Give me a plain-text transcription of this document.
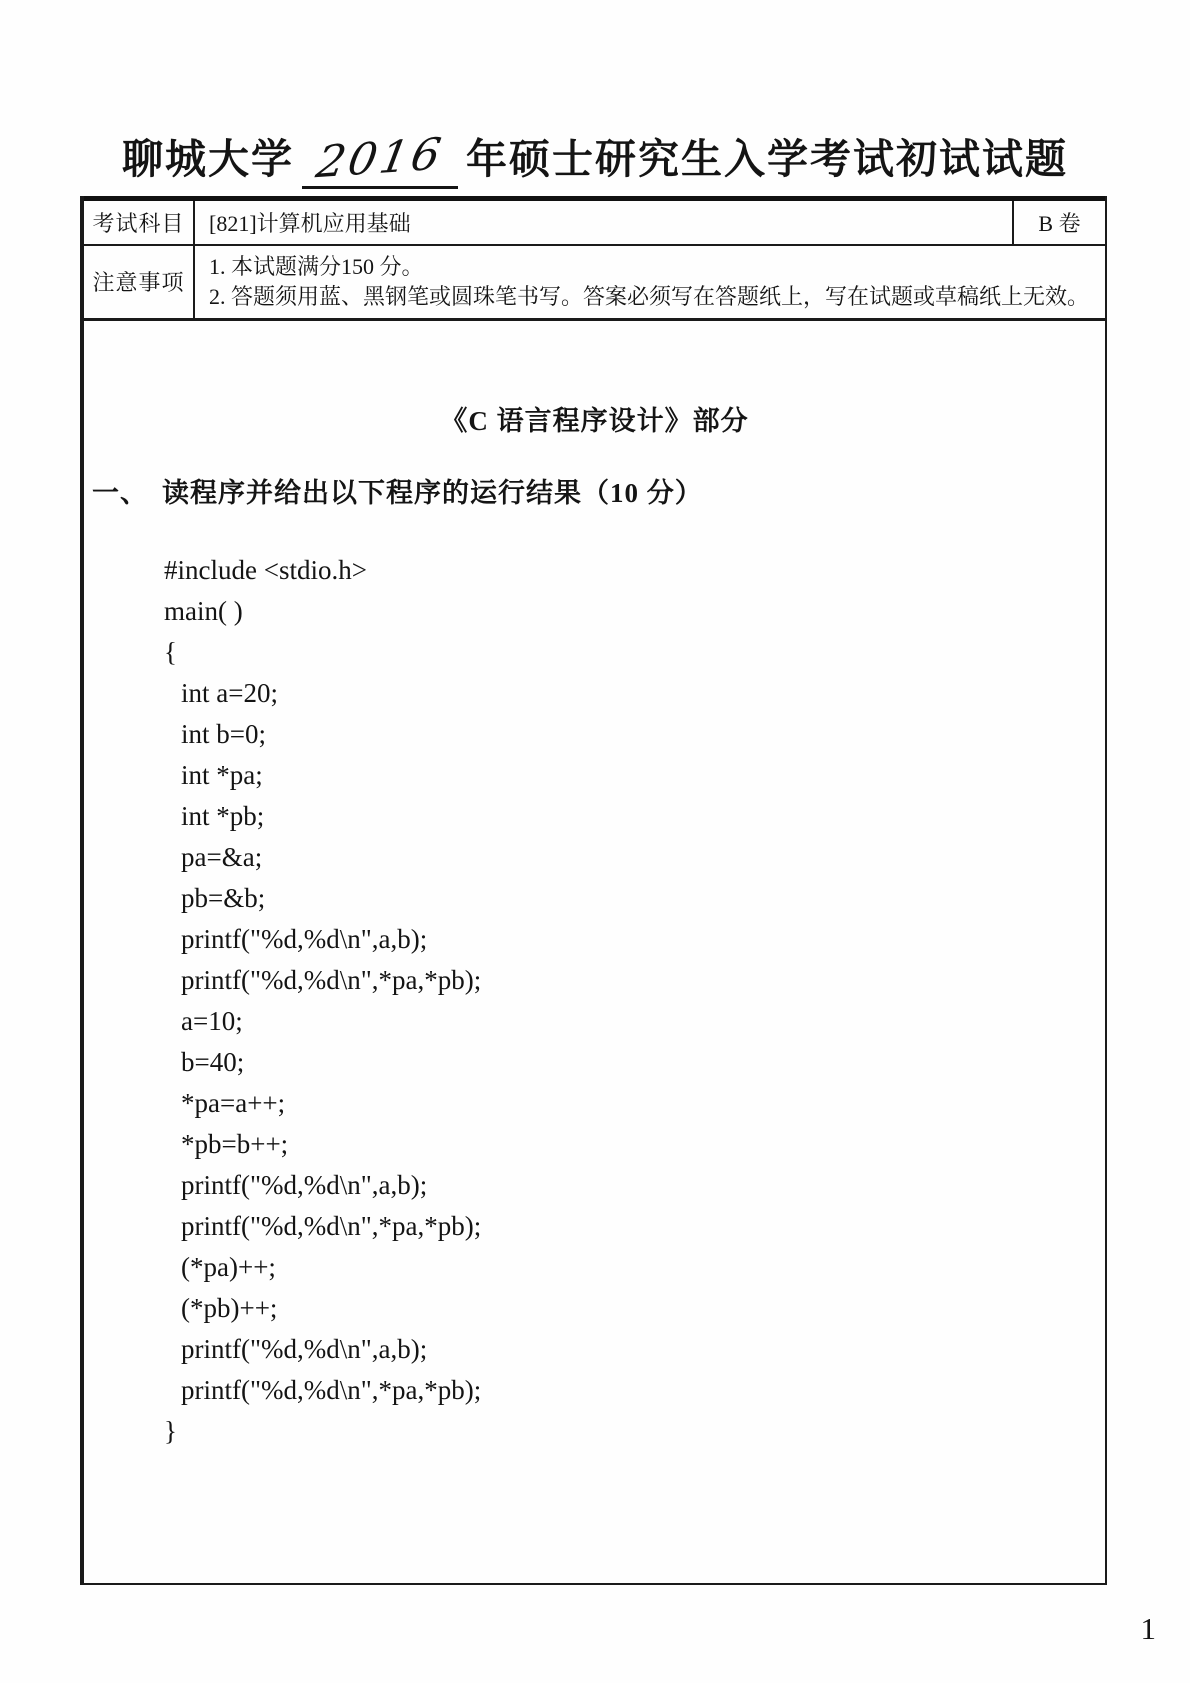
聊城大学 2016 年硕士研究生入学考试初试试题
考试科目	[821]计算机应用基础	B 卷
注意事项	1. 本试题满分150 分。
2. 答题须用蓝、黑钢笔或圆珠笔书写。答案必须写在答题纸上，写在试题或草稿纸上无效。	
《C 语言程序设计》部分
一、 读程序并给出以下程序的运行结果（10 分）
#include <stdio.h>
main( )
{
int a=20;
int b=0;
int *pa;
int *pb;
pa=&a;
pb=&b;
printf("%d,%d\n",a,b);
printf("%d,%d\n",*pa,*pb);
a=10;
b=40;
*pa=a++;
*pb=b++;
printf("%d,%d\n",a,b);
printf("%d,%d\n",*pa,*pb);
(*pa)++;
(*pb)++;
printf("%d,%d\n",a,b);
printf("%d,%d\n",*pa,*pb);
}
1
